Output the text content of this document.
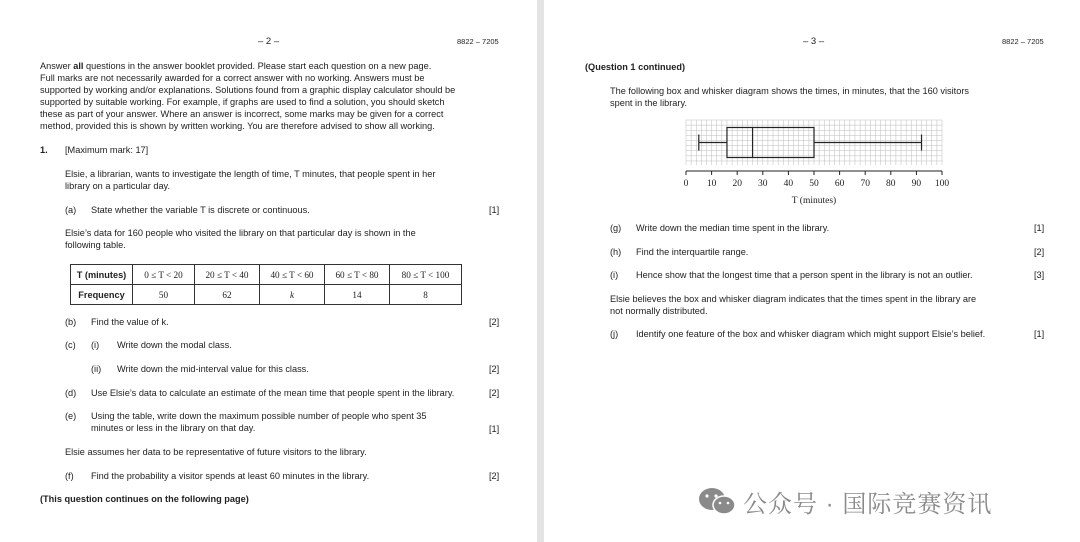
– 2 –	8822 – 7205
Answer all questions in the answer booklet provided. Please start each question on a new page.
Full marks are not necessarily awarded for a correct answer with no working. Answers must be
supported by working and/or explanations. Solutions found from a graphic display calculator should be
supported by suitable working. For example, if graphs are used to find a solution, you should sketch
these as part of your answer. Where an answer is incorrect, some marks may be given for a correct
method, provided this is shown by written working. You are therefore advised to show all working.
1. [Maximum mark: 17]
Elsie, a librarian, wants to investigate the length of time, T minutes, that people spent in her
library on a particular day.
(a) State whether the variable T is discrete or continuous.	[1]
Elsie’s data for 160 people who visited the library on that particular day is shown in the
following table.
T (minutes)	0 ≤ T < 20	20 ≤ T < 40	40 ≤ T < 60	60 ≤ T < 80	80 ≤ T < 100
Frequency	50	62	k	14	8
(b) Find the value of k.	[2]
(c) (i) Write down the modal class.
(ii) Write down the mid-interval value for this class.	[2]
(d) Use Elsie’s data to calculate an estimate of the mean time that people spent in the library.	[2]
(e) Using the table, write down the maximum possible number of people who spent 35
minutes or less in the library on that day.	[1]
Elsie assumes her data to be representative of future visitors to the library.
(f) Find the probability a visitor spends at least 60 minutes in the library.	[2]
(This question continues on the following page)
– 3 –	8822 – 7205
(Question 1 continued)
The following box and whisker diagram shows the times, in minutes, that the 160 visitors
spent in the library.
0 10 20 30 40 50 60 70 80 90 100
T (minutes)
(g) Write down the median time spent in the library.	[1]
(h) Find the interquartile range.	[2]
(i) Hence show that the longest time that a person spent in the library is not an outlier.	[3]
Elsie believes the box and whisker diagram indicates that the times spent in the library are
not normally distributed.
(j) Identify one feature of the box and whisker diagram which might support Elsie’s belief.	[1]
公众号 · 国际竞赛资讯
